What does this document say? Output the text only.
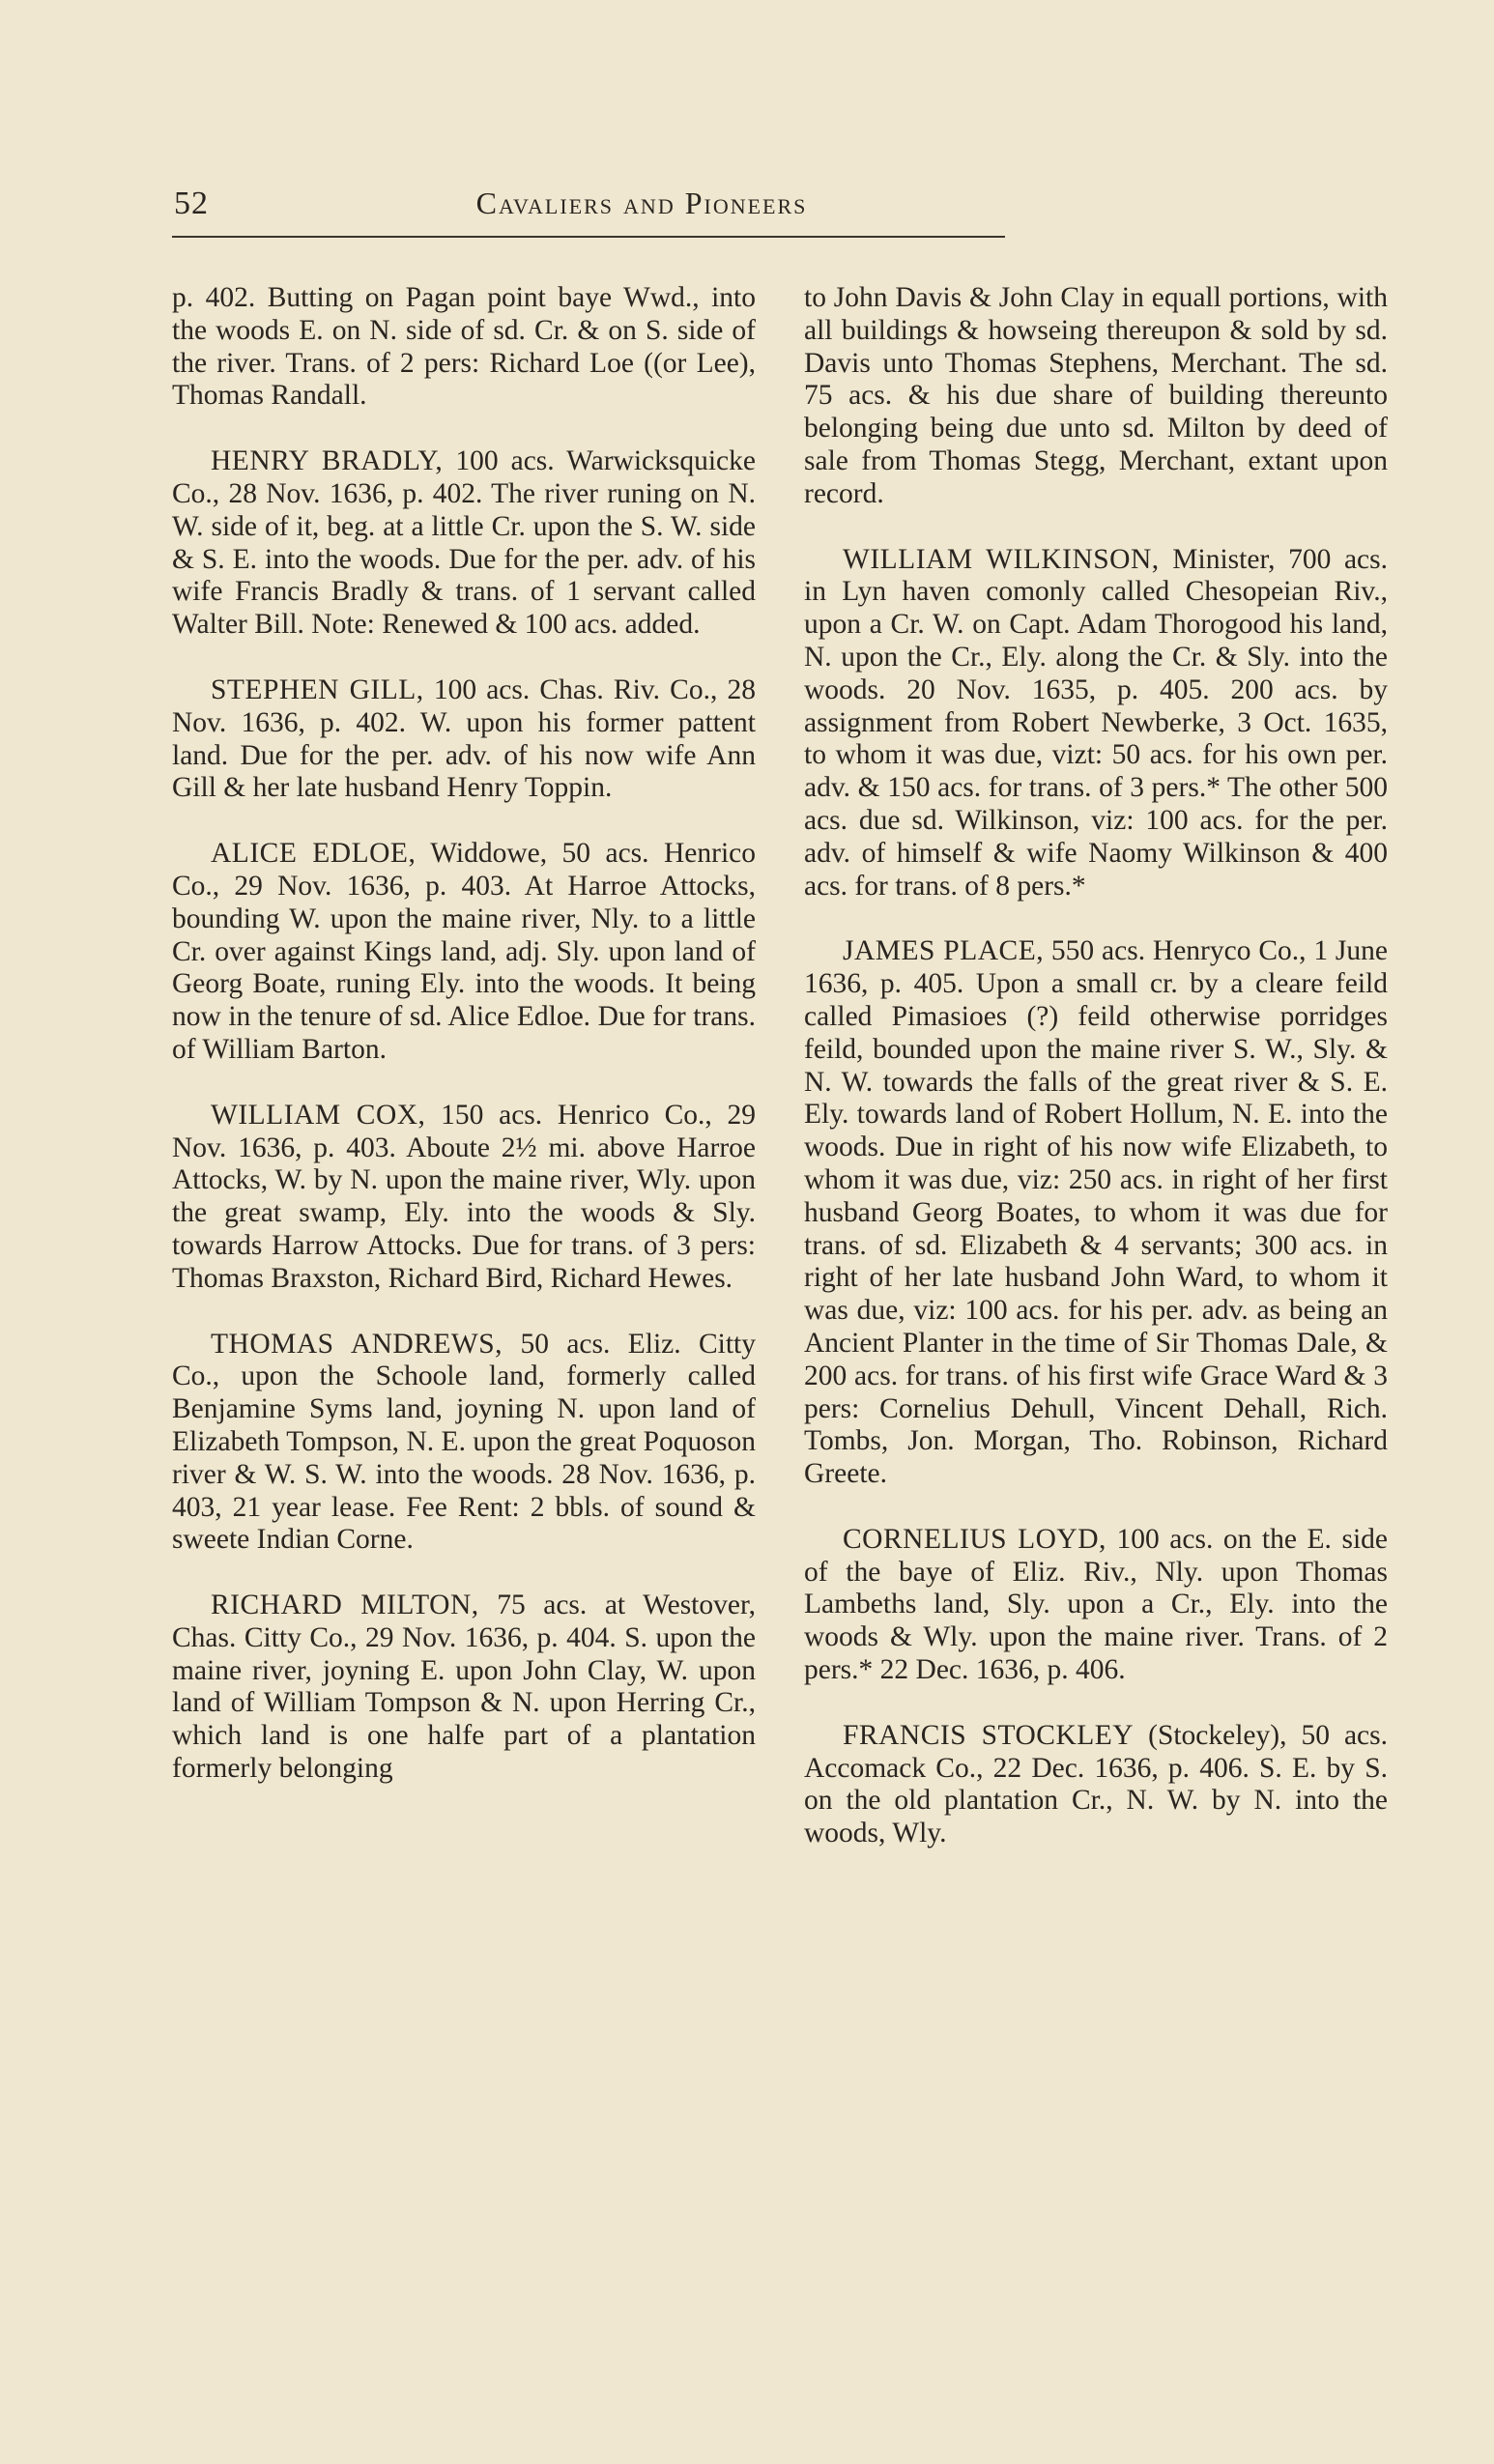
52	Cavaliers and Pioneers

p. 402. Butting on Pagan point baye Wwd., into the woods E. on N. side of sd. Cr. & on S. side of the river. Trans. of 2 pers: Richard Loe ((or Lee), Thomas Randall.

HENRY BRADLY, 100 acs. Warwicksquicke Co., 28 Nov. 1636, p. 402. The river runing on N. W. side of it, beg. at a little Cr. upon the S. W. side & S. E. into the woods. Due for the per. adv. of his wife Francis Bradly & trans. of 1 servant called Walter Bill. Note: Renewed & 100 acs. added.

STEPHEN GILL, 100 acs. Chas. Riv. Co., 28 Nov. 1636, p. 402. W. upon his former pattent land. Due for the per. adv. of his now wife Ann Gill & her late husband Henry Toppin.

ALICE EDLOE, Widdowe, 50 acs. Henrico Co., 29 Nov. 1636, p. 403. At Harroe Attocks, bounding W. upon the maine river, Nly. to a little Cr. over against Kings land, adj. Sly. upon land of Georg Boate, runing Ely. into the woods. It being now in the tenure of sd. Alice Edloe. Due for trans. of William Barton.

WILLIAM COX, 150 acs. Henrico Co., 29 Nov. 1636, p. 403. Aboute 2½ mi. above Harroe Attocks, W. by N. upon the maine river, Wly. upon the great swamp, Ely. into the woods & Sly. towards Harrow Attocks. Due for trans. of 3 pers: Thomas Braxston, Richard Bird, Richard Hewes.

THOMAS ANDREWS, 50 acs. Eliz. Citty Co., upon the Schoole land, formerly called Benjamine Syms land, joyning N. upon land of Elizabeth Tompson, N. E. upon the great Poquoson river & W. S. W. into the woods. 28 Nov. 1636, p. 403, 21 year lease. Fee Rent: 2 bbls. of sound & sweete Indian Corne.

RICHARD MILTON, 75 acs. at Westover, Chas. Citty Co., 29 Nov. 1636, p. 404. S. upon the maine river, joyning E. upon John Clay, W. upon land of William Tompson & N. upon Herring Cr., which land is one halfe part of a plantation formerly belonging

to John Davis & John Clay in equall portions, with all buildings & howseing thereupon & sold by sd. Davis unto Thomas Stephens, Merchant. The sd. 75 acs. & his due share of building thereunto belonging being due unto sd. Milton by deed of sale from Thomas Stegg, Merchant, extant upon record.

WILLIAM WILKINSON, Minister, 700 acs. in Lyn haven comonly called Chesopeian Riv., upon a Cr. W. on Capt. Adam Thorogood his land, N. upon the Cr., Ely. along the Cr. & Sly. into the woods. 20 Nov. 1635, p. 405. 200 acs. by assignment from Robert Newberke, 3 Oct. 1635, to whom it was due, vizt: 50 acs. for his own per. adv. & 150 acs. for trans. of 3 pers.* The other 500 acs. due sd. Wilkinson, viz: 100 acs. for the per. adv. of himself & wife Naomy Wilkinson & 400 acs. for trans. of 8 pers.*

JAMES PLACE, 550 acs. Henryco Co., 1 June 1636, p. 405. Upon a small cr. by a cleare feild called Pimasioes (?) feild otherwise porridges feild, bounded upon the maine river S. W., Sly. & N. W. towards the falls of the great river & S. E. Ely. towards land of Robert Hollum, N. E. into the woods. Due in right of his now wife Elizabeth, to whom it was due, viz: 250 acs. in right of her first husband Georg Boates, to whom it was due for trans. of sd. Elizabeth & 4 servants; 300 acs. in right of her late husband John Ward, to whom it was due, viz: 100 acs. for his per. adv. as being an Ancient Planter in the time of Sir Thomas Dale, & 200 acs. for trans. of his first wife Grace Ward & 3 pers: Cornelius Dehull, Vincent Dehall, Rich. Tombs, Jon. Morgan, Tho. Robinson, Richard Greete.

CORNELIUS LOYD, 100 acs. on the E. side of the baye of Eliz. Riv., Nly. upon Thomas Lambeths land, Sly. upon a Cr., Ely. into the woods & Wly. upon the maine river. Trans. of 2 pers.* 22 Dec. 1636, p. 406.

FRANCIS STOCKLEY (Stockeley), 50 acs. Accomack Co., 22 Dec. 1636, p. 406. S. E. by S. on the old plantation Cr., N. W. by N. into the woods, Wly.
